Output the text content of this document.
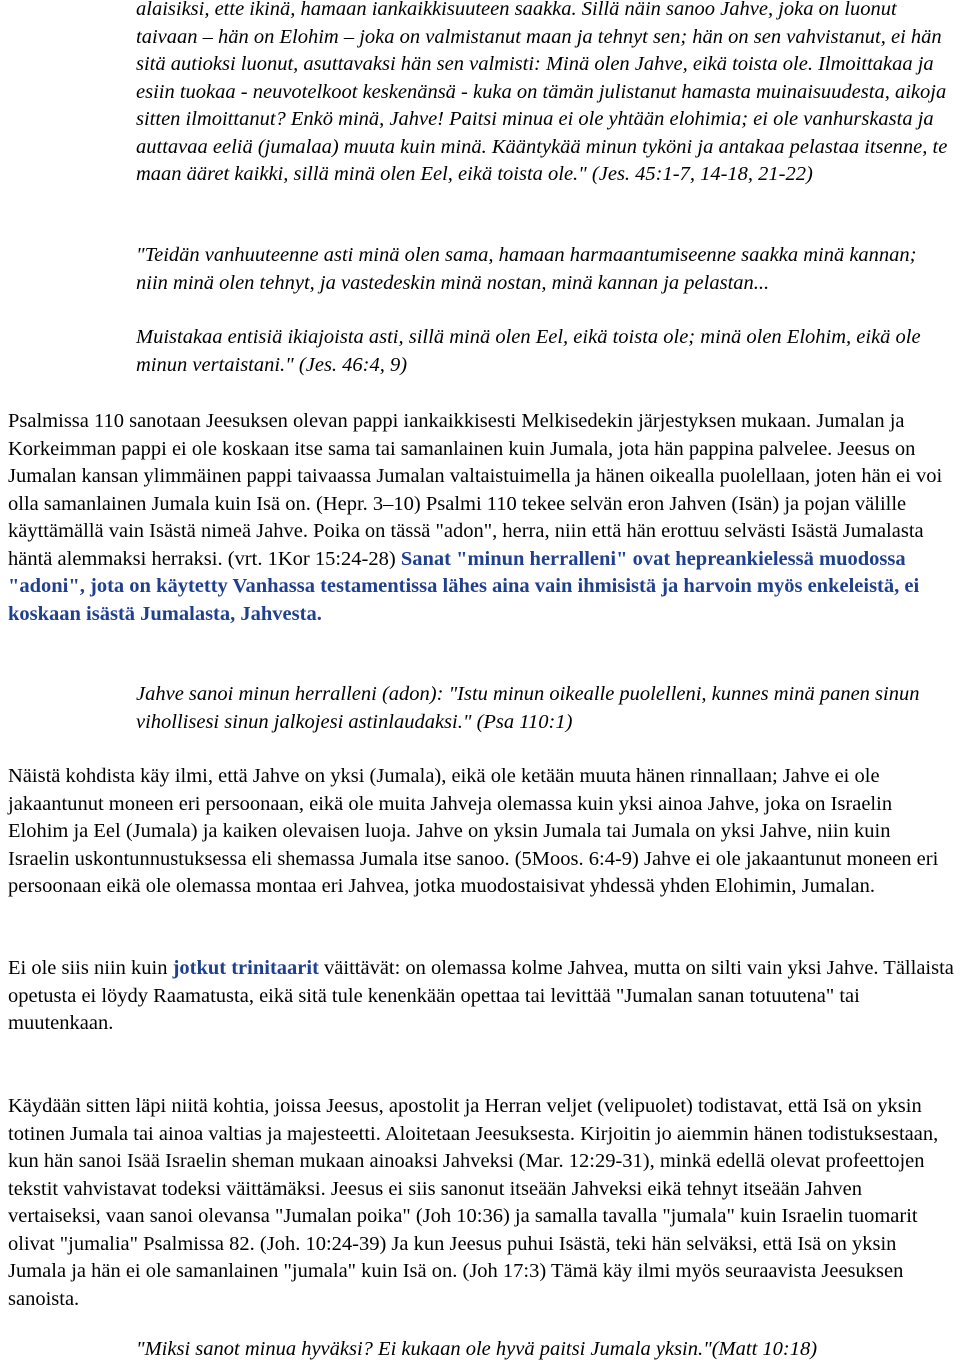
alaisiksi, ette ikinä, hamaan iankaikkisuuteen saakka. Sillä näin sanoo Jahve, joka on luonut taivaan – hän on Elohim – joka on valmistanut maan ja tehnyt sen; hän on sen vahvistanut, ei hän sitä autioksi luonut, asuttavaksi hän sen valmisti: Minä olen Jahve, eikä toista ole. Ilmoittakaa ja esiin tuokaa - neuvotelkoot keskenänsä - kuka on tämän julistanut hamasta muinaisuudesta, aikoja sitten ilmoittanut? Enkö minä, Jahve! Paitsi minua ei ole yhtään elohimia; ei ole vanhurskasta ja auttavaa eeliä (jumalaa) muuta kuin minä. Kääntykää minun tyköni ja antakaa pelastaa itsenne, te maan ääret kaikki, sillä minä olen Eel, eikä toista ole." (Jes. 45:1-7, 14-18, 21-22)

"Teidän vanhuuteenne asti minä olen sama, hamaan harmaantumiseenne saakka minä kannan; niin minä olen tehnyt, ja vastedeskin minä nostan, minä kannan ja pelastan...

Muistakaa entisiä ikiajoista asti, sillä minä olen Eel, eikä toista ole; minä olen Elohim, eikä ole minun vertaistani." (Jes. 46:4, 9)

Psalmissa 110 sanotaan Jeesuksen olevan pappi iankaikkisesti Melkisedekin järjestyksen mukaan. Jumalan ja Korkeimman pappi ei ole koskaan itse sama tai samanlainen kuin Jumala, jota hän pappina palvelee. Jeesus on Jumalan kansan ylimmäinen pappi taivaassa Jumalan valtaistuimella ja hänen oikealla puolellaan, joten hän ei voi olla samanlainen Jumala kuin Isä on. (Hepr. 3–10) Psalmi 110 tekee selvän eron Jahven (Isän) ja pojan välille käyttämällä vain Isästä nimeä Jahve. Poika on tässä "adon", herra, niin että hän erottuu selvästi Isästä Jumalasta häntä alemmaksi herraksi. (vrt. 1Kor 15:24-28) Sanat "minun herralleni" ovat hepreankielessä muodossa "adoni", jota on käytetty Vanhassa testamentissa lähes aina vain ihmisistä ja harvoin myös enkeleistä, ei koskaan isästä Jumalasta, Jahvesta.

Jahve sanoi minun herralleni (adon): "Istu minun oikealle puolelleni, kunnes minä panen sinun vihollisesi sinun jalkojesi astinlaudaksi." (Psa 110:1)

Näistä kohdista käy ilmi, että Jahve on yksi (Jumala), eikä ole ketään muuta hänen rinnallaan; Jahve ei ole jakaantunut moneen eri persoonaan, eikä ole muita Jahveja olemassa kuin yksi ainoa Jahve, joka on Israelin Elohim ja Eel (Jumala) ja kaiken olevaisen luoja. Jahve on yksin Jumala tai Jumala on yksi Jahve, niin kuin Israelin uskontunnustuksessa eli shemassa Jumala itse sanoo. (5Moos. 6:4-9) Jahve ei ole jakaantunut moneen eri persoonaan eikä ole olemassa montaa eri Jahvea, jotka muodostaisivat yhdessä yhden Elohimin, Jumalan.

Ei ole siis niin kuin jotkut trinitaarit väittävät: on olemassa kolme Jahvea, mutta on silti vain yksi Jahve. Tällaista opetusta ei löydy Raamatusta, eikä sitä tule kenenkään opettaa tai levittää "Jumalan sanan totuutena" tai muutenkaan.

Käydään sitten läpi niitä kohtia, joissa Jeesus, apostolit ja Herran veljet (velipuolet) todistavat, että Isä on yksin totinen Jumala tai ainoa valtias ja majesteetti. Aloitetaan Jeesuksesta. Kirjoitin jo aiemmin hänen todistuksestaan, kun hän sanoi Isää Israelin sheman mukaan ainoaksi Jahveksi (Mar. 12:29-31), minkä edellä olevat profeettojen tekstit vahvistavat todeksi väittämäksi. Jeesus ei siis sanonut itseään Jahveksi eikä tehnyt itseään Jahven vertaiseksi, vaan sanoi olevansa "Jumalan poika" (Joh 10:36) ja samalla tavalla "jumala" kuin Israelin tuomarit olivat "jumalia" Psalmissa 82. (Joh. 10:24-39) Ja kun Jeesus puhui Isästä, teki hän selväksi, että Isä on yksin Jumala ja hän ei ole samanlainen "jumala" kuin Isä on. (Joh 17:3) Tämä käy ilmi myös seuraavista Jeesuksen sanoista.

"Miksi sanot minua hyväksi? Ei kukaan ole hyvä paitsi Jumala yksin."(Matt 10:18)
